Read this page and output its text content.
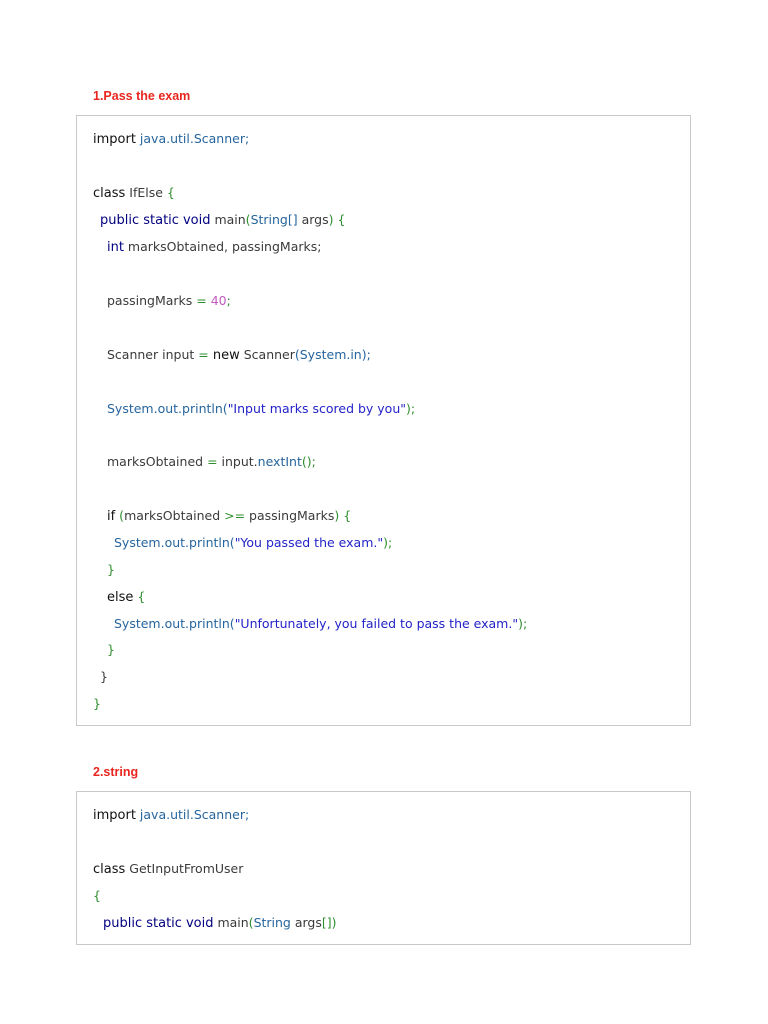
1.Pass the exam
import java.util.Scanner;
class IfElse {
public static void main(String[] args) {
int marksObtained, passingMarks;
passingMarks = 40;
Scanner input = new Scanner(System.in);
System.out.println("Input marks scored by you");
marksObtained = input.nextInt();
if (marksObtained >= passingMarks) {
System.out.println("You passed the exam.");
}
else {
System.out.println("Unfortunately, you failed to pass the exam.");
}
}
}
2.string
import java.util.Scanner;
class GetInputFromUser
{
public static void main(String args[])
